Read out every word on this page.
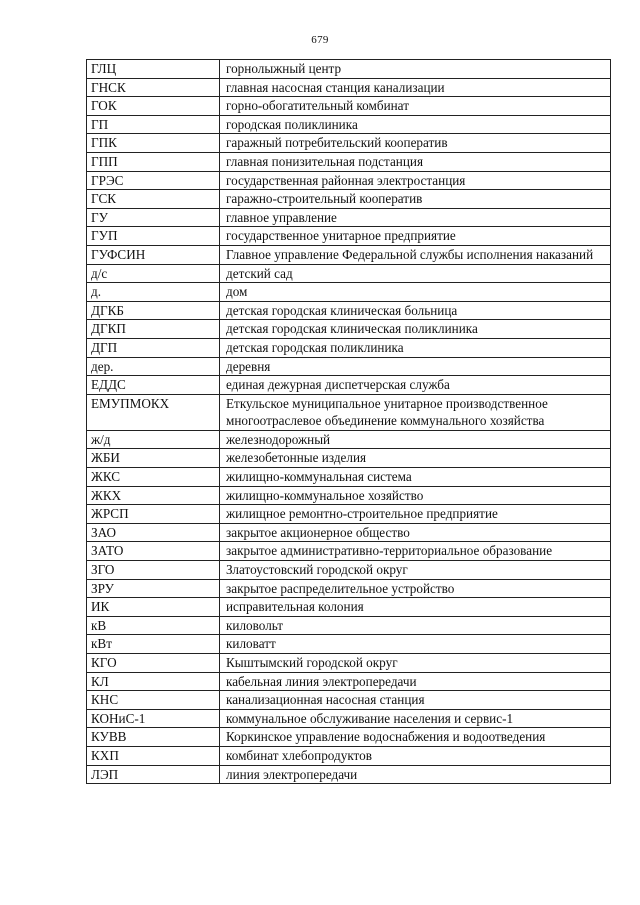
679
ГЛЦ	горнолыжный центр
ГНСК	главная насосная станция канализации
ГОК	горно-обогатительный комбинат
ГП	городская поликлиника
ГПК	гаражный потребительский кооператив
ГПП	главная понизительная подстанция
ГРЭС	государственная районная электростанция
ГСК	гаражно-строительный кооператив
ГУ	главное управление
ГУП	государственное унитарное предприятие
ГУФСИН	Главное управление Федеральной службы исполнения наказаний
д/с	детский сад
д.	дом
ДГКБ	детская городская клиническая больница
ДГКП	детская городская клиническая поликлиника
ДГП	детская городская поликлиника
дер.	деревня
ЕДДС	единая дежурная диспетчерская служба
ЕМУПМОКХ	Еткульское муниципальное унитарное производственное многоотраслевое объединение коммунального хозяйства
ж/д	железнодорожный
ЖБИ	железобетонные изделия
ЖКС	жилищно-коммунальная система
ЖКХ	жилищно-коммунальное хозяйство
ЖРСП	жилищное ремонтно-строительное предприятие
ЗАО	закрытое акционерное общество
ЗАТО	закрытое административно-территориальное образование
ЗГО	Златоустовский городской округ
ЗРУ	закрытое распределительное устройство
ИК	исправительная колония
кВ	киловольт
кВт	киловатт
КГО	Кыштымский городской округ
КЛ	кабельная линия электропередачи
КНС	канализационная насосная станция
КОНиС-1	коммунальное обслуживание населения и сервис-1
КУВВ	Коркинское управление водоснабжения и водоотведения
КХП	комбинат хлебопродуктов
ЛЭП	линия электропередачи
